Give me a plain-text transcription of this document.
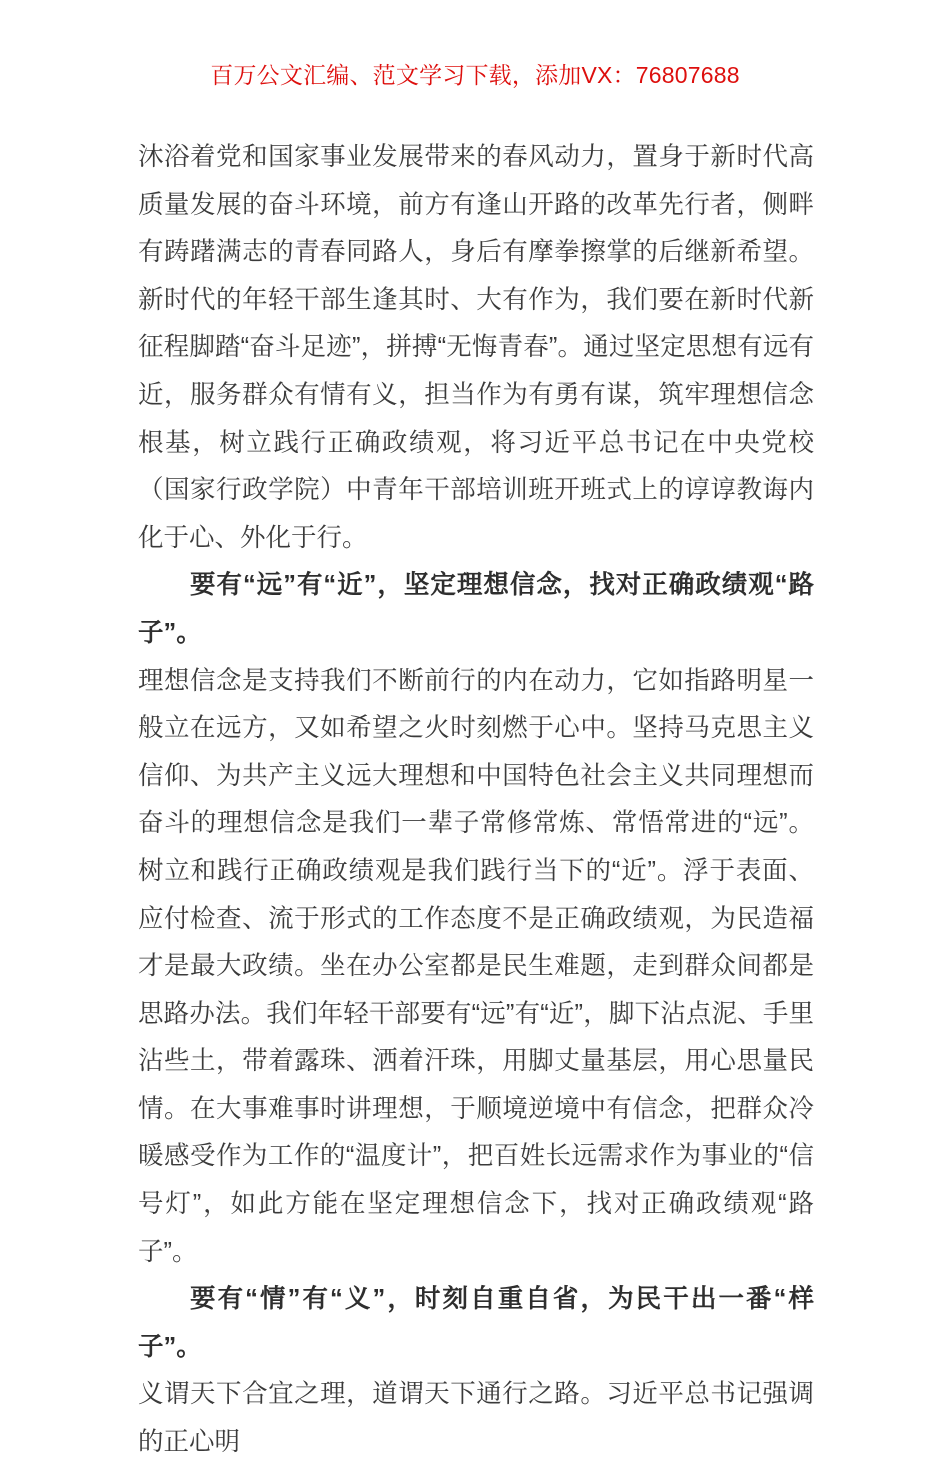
百万公文汇编、范文学习下载，添加VX：76807688

沐浴着党和国家事业发展带来的春风动力，置身于新时代高质量发展的奋斗环境，前方有逢山开路的改革先行者，侧畔有踌躇满志的青春同路人，身后有摩拳擦掌的后继新希望。新时代的年轻干部生逢其时、大有作为，我们要在新时代新征程脚踏“奋斗足迹”，拼搏“无悔青春”。通过坚定思想有远有近，服务群众有情有义，担当作为有勇有谋，筑牢理想信念根基，树立践行正确政绩观，将习近平总书记在中央党校（国家行政学院）中青年干部培训班开班式上的谆谆教诲内化于心、外化于行。

要有“远”有“近”，坚定理想信念，找对正确政绩观“路子”。

理想信念是支持我们不断前行的内在动力，它如指路明星一般立在远方，又如希望之火时刻燃于心中。坚持马克思主义信仰、为共产主义远大理想和中国特色社会主义共同理想而奋斗的理想信念是我们一辈子常修常炼、常悟常进的“远”。树立和践行正确政绩观是我们践行当下的“近”。浮于表面、应付检查、流于形式的工作态度不是正确政绩观，为民造福才是最大政绩。坐在办公室都是民生难题，走到群众间都是思路办法。我们年轻干部要有“远”有“近”，脚下沾点泥、手里沾些土，带着露珠、洒着汗珠，用脚丈量基层，用心思量民情。在大事难事时讲理想，于顺境逆境中有信念，把群众冷暖感受作为工作的“温度计”，把百姓长远需求作为事业的“信号灯”，如此方能在坚定理想信念下，找对正确政绩观“路子”。

要有“情”有“义”，时刻自重自省，为民干出一番“样子”。

义谓天下合宜之理，道谓天下通行之路。习近平总书记强调的正心明
